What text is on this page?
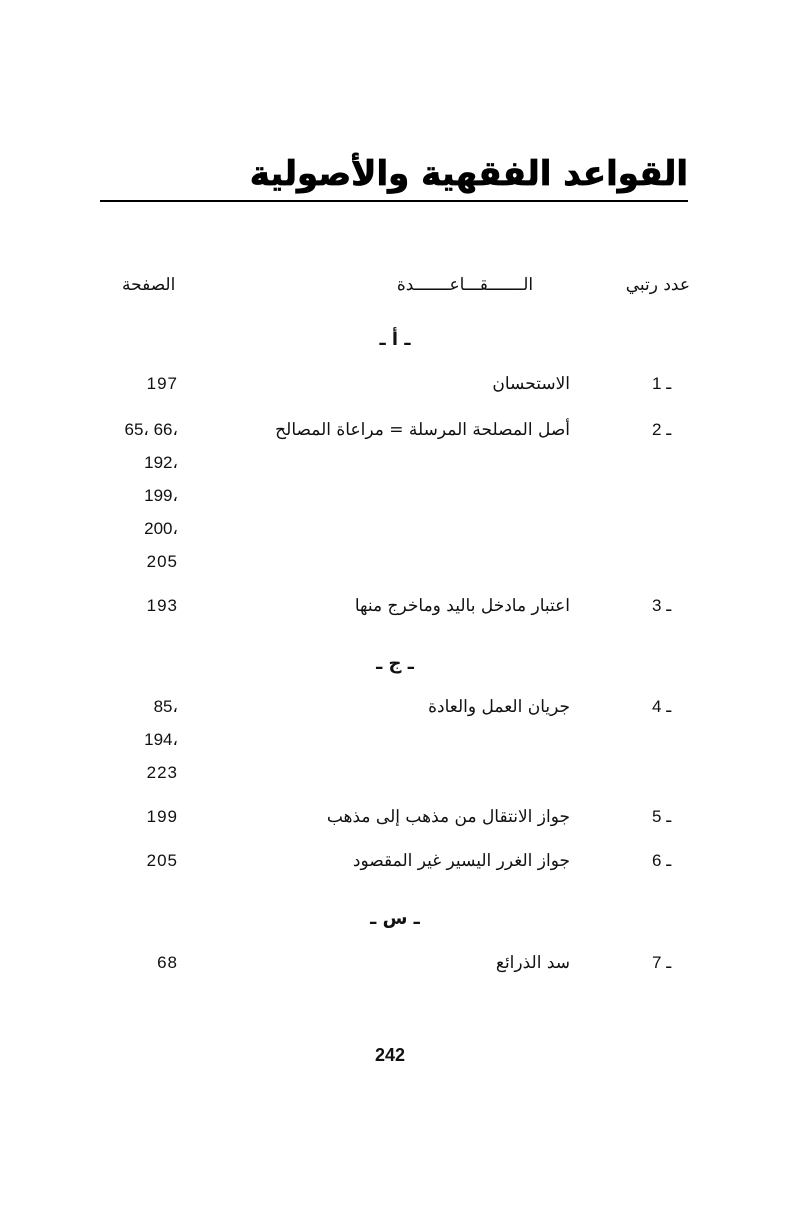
القواعد الفقهية والأصولية
عدد رتبي
الـــــــقـــاعـــــــدة
الصفحة
ـ أ ـ
1 ـ
الاستحسان
197
2 ـ
أصل المصلحة المرسلة = مراعاة المصالح
65، 66،
192،
199،
200،
205
3 ـ
اعتبار مادخل باليد وماخرج منها
193
ـ ج ـ
4 ـ
جريان العمل والعادة
85،
194،
223
5 ـ
جواز الانتقال من مذهب إلى مذهب
199
6 ـ
جواز الغرر اليسير غير المقصود
205
ـ س ـ
7 ـ
سد الذرائع
68
242
